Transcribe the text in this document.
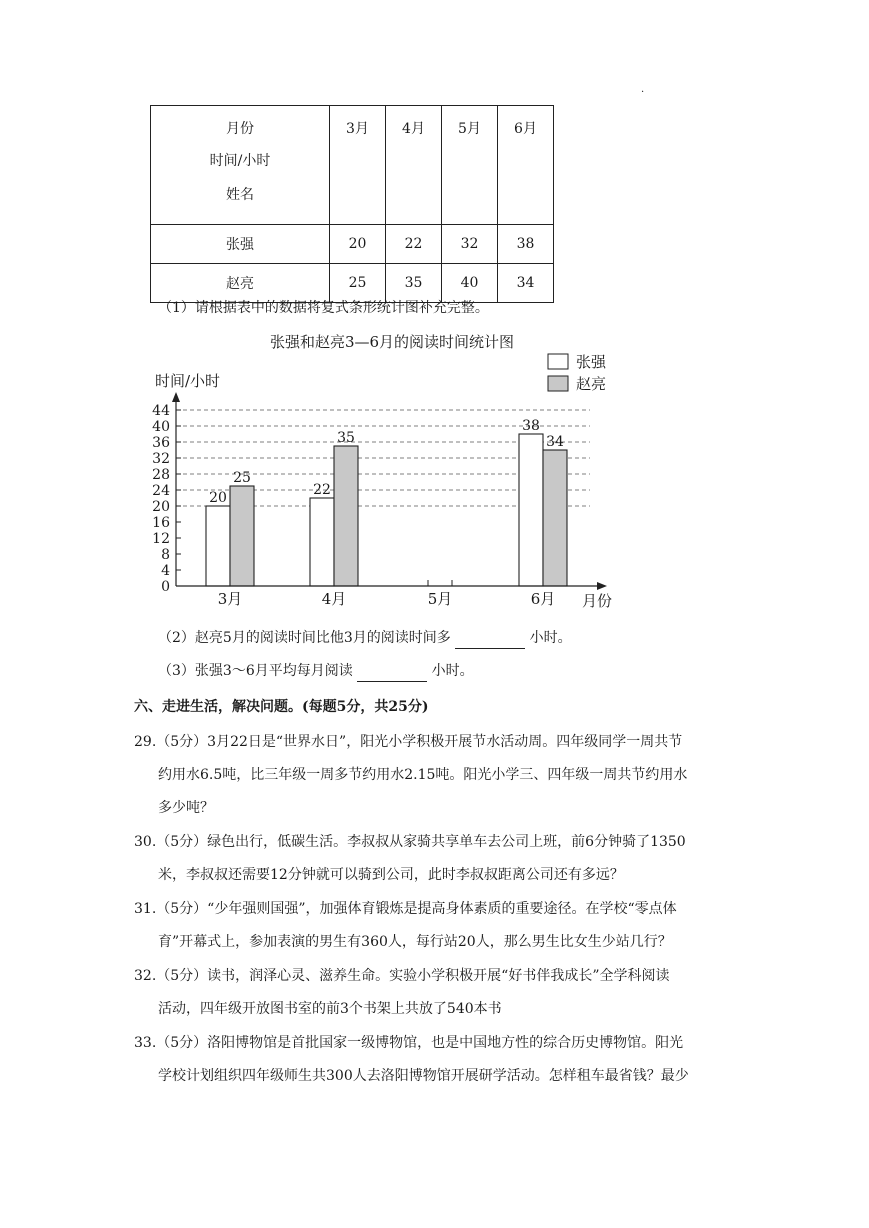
.
月份
时间/小时
姓名	3月	4月	5月	6月
张强	20	22	32	38
赵亮	25	35	40	34
（1）请根据表中的数据将复式条形统计图补充完整。
张强和赵亮3—6月的阅读时间统计图
张强
赵亮
时间/小时
月份
0
4
8
12
16
20
24
28
32
36
40
44
20
25
22
35
38
34
3月	4月	5月	6月
（2）赵亮5月的阅读时间比他3月的阅读时间多	小时。
（3）张强3～6月平均每月阅读	小时。
六、走进生活，解决问题。(每题5分，共25分)
29.（5分）3月22日是“世界水日”，阳光小学积极开展节水活动周。四年级同学一周共节
约用水6.5吨，比三年级一周多节约用水2.15吨。阳光小学三、四年级一周共节约用水
多少吨？
30.（5分）绿色出行，低碳生活。李叔叔从家骑共享单车去公司上班，前6分钟骑了1350
米，李叔叔还需要12分钟就可以骑到公司，此时李叔叔距离公司还有多远？
31.（5分）“少年强则国强”，加强体育锻炼是提高身体素质的重要途径。在学校“零点体
育”开幕式上，参加表演的男生有360人，每行站20人，那么男生比女生少站几行？
32.（5分）读书，润泽心灵、滋养生命。实验小学积极开展“好书伴我成长”全学科阅读
活动，四年级开放图书室的前3个书架上共放了540本书
33.（5分）洛阳博物馆是首批国家一级博物馆，也是中国地方性的综合历史博物馆。阳光
学校计划组织四年级师生共300人去洛阳博物馆开展研学活动。怎样租车最省钱？最少
